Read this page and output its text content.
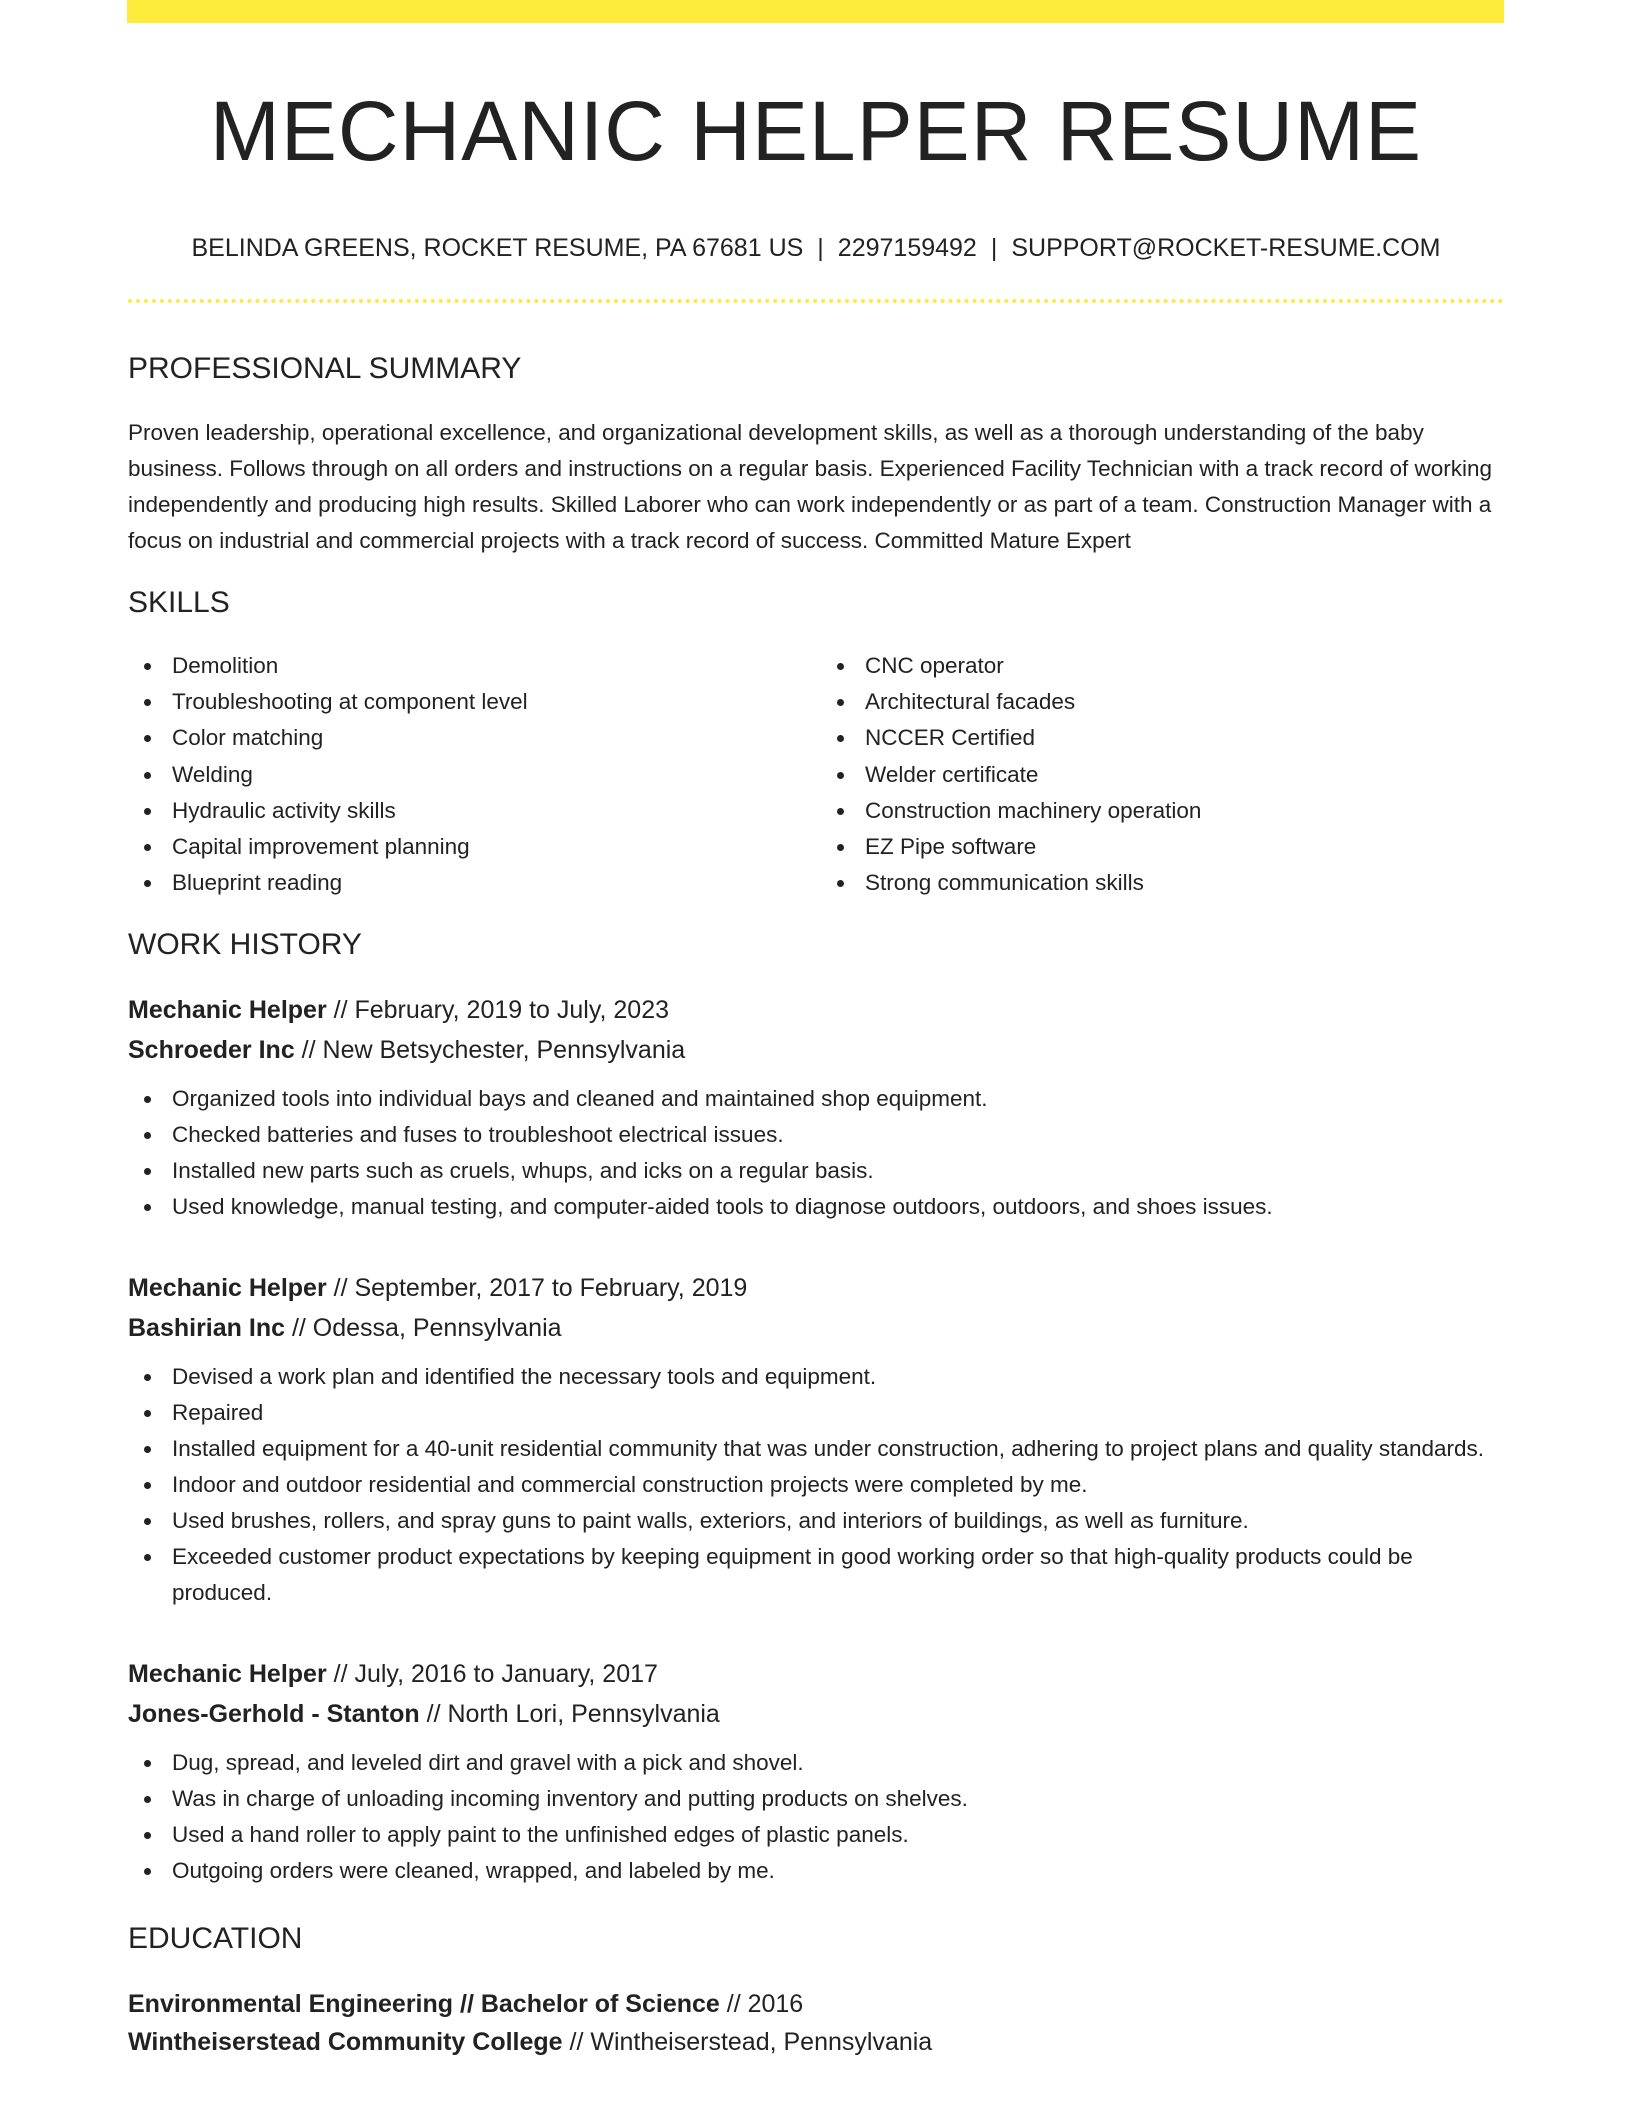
MECHANIC HELPER RESUME
BELINDA GREENS, ROCKET RESUME, PA 67681 US | 2297159492 | SUPPORT@ROCKET-RESUME.COM
PROFESSIONAL SUMMARY

Proven leadership, operational excellence, and organizational development skills, as well as a thorough understanding of the baby business. Follows through on all orders and instructions on a regular basis. Experienced Facility Technician with a track record of working independently and producing high results. Skilled Laborer who can work independently or as part of a team. Construction Manager with a focus on industrial and commercial projects with a track record of success. Committed Mature Expert

SKILLS
Demolition
Troubleshooting at component level
Color matching
Welding
Hydraulic activity skills
Capital improvement planning
Blueprint reading
CNC operator
Architectural facades
NCCER Certified
Welder certificate
Construction machinery operation
EZ Pipe software
Strong communication skills
WORK HISTORY
Mechanic Helper // February, 2019 to July, 2023
Schroeder Inc // New Betsychester, Pennsylvania
Organized tools into individual bays and cleaned and maintained shop equipment.
Checked batteries and fuses to troubleshoot electrical issues.
Installed new parts such as cruels, whups, and icks on a regular basis.
Used knowledge, manual testing, and computer-aided tools to diagnose outdoors, outdoors, and shoes issues.
Mechanic Helper // September, 2017 to February, 2019
Bashirian Inc // Odessa, Pennsylvania
Devised a work plan and identified the necessary tools and equipment.
Repaired
Installed equipment for a 40-unit residential community that was under construction, adhering to project plans and quality standards.
Indoor and outdoor residential and commercial construction projects were completed by me.
Used brushes, rollers, and spray guns to paint walls, exteriors, and interiors of buildings, as well as furniture.
Exceeded customer product expectations by keeping equipment in good working order so that high-quality products could be produced.
Mechanic Helper // July, 2016 to January, 2017
Jones-Gerhold - Stanton // North Lori, Pennsylvania
Dug, spread, and leveled dirt and gravel with a pick and shovel.
Was in charge of unloading incoming inventory and putting products on shelves.
Used a hand roller to apply paint to the unfinished edges of plastic panels.
Outgoing orders were cleaned, wrapped, and labeled by me.
EDUCATION
Environmental Engineering // Bachelor of Science // 2016
Wintheiserstead Community College // Wintheiserstead, Pennsylvania
